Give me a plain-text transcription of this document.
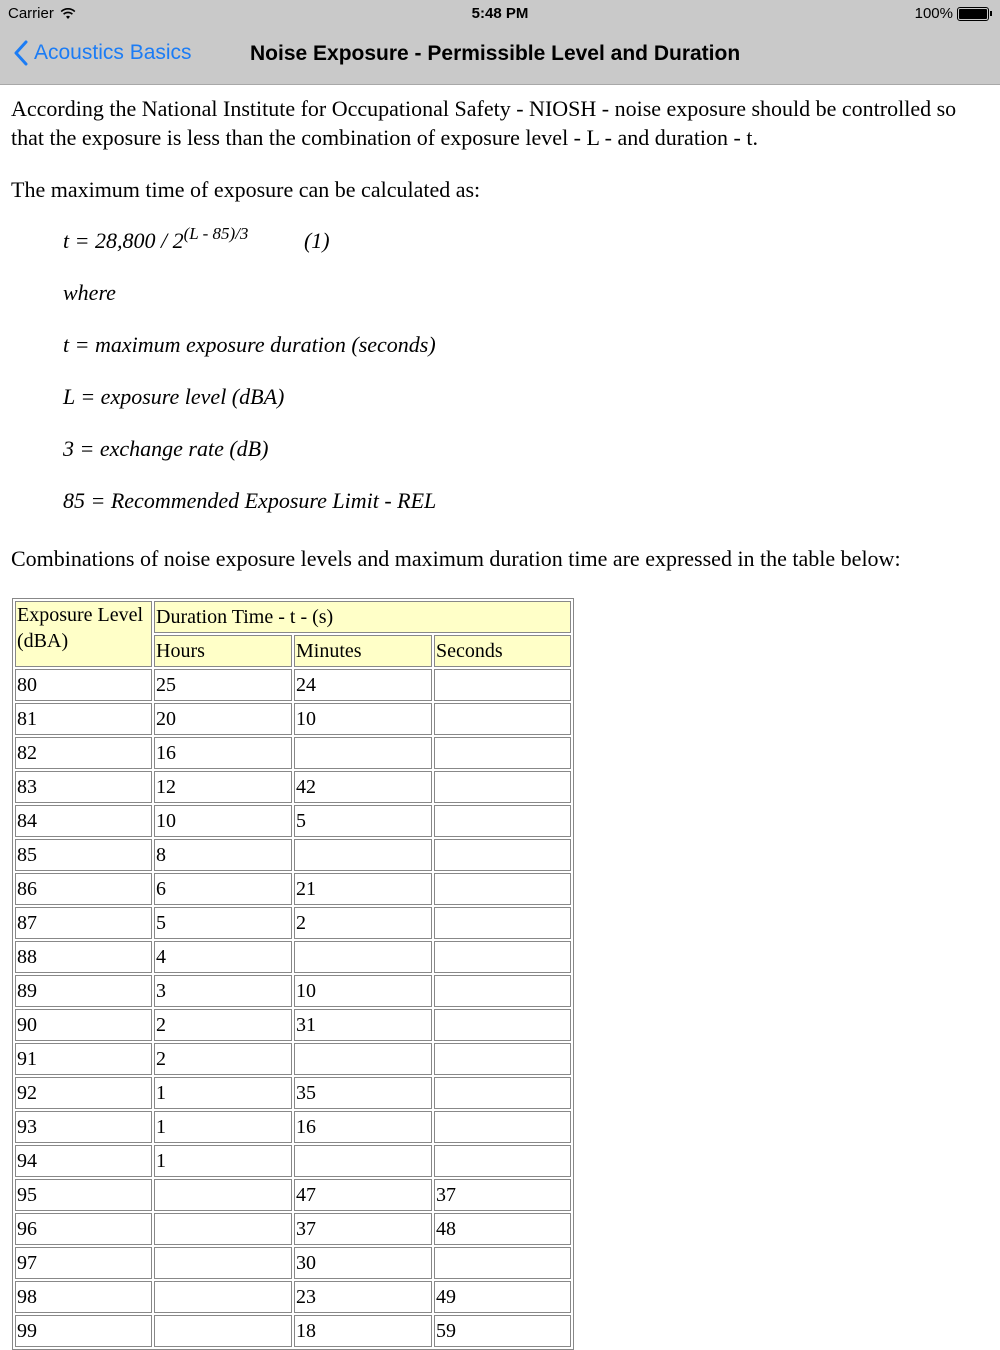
Carrier	5:48 PM	100%
Acoustics Basics	Noise Exposure - Permissible Level and Duration

According the National Institute for Occupational Safety - NIOSH - noise exposure should be controlled so that the exposure is less than the combination of exposure level - L - and duration - t.

The maximum time of exposure can be calculated as:

$t = 28,800 / 2^{(L - 85)/3}$	(1)
where
t = maximum exposure duration (seconds)
L = exposure level (dBA)
3 = exchange rate (dB)
85 = Recommended Exposure Limit - REL

Combinations of noise exposure levels and maximum duration time are expressed in the table below:

Exposure Level (dBA)	Duration Time - t - (s)		
	Hours	Minutes	Seconds
80	25	24	
81	20	10	
82	16		
83	12	42	
84	10	5	
85	8		
86	6	21	
87	5	2	
88	4		
89	3	10	
90	2	31	
91	2		
92	1	35	
93	1	16	
94	1		
95		47	37
96		37	48
97		30	
98		23	49
99		18	59
